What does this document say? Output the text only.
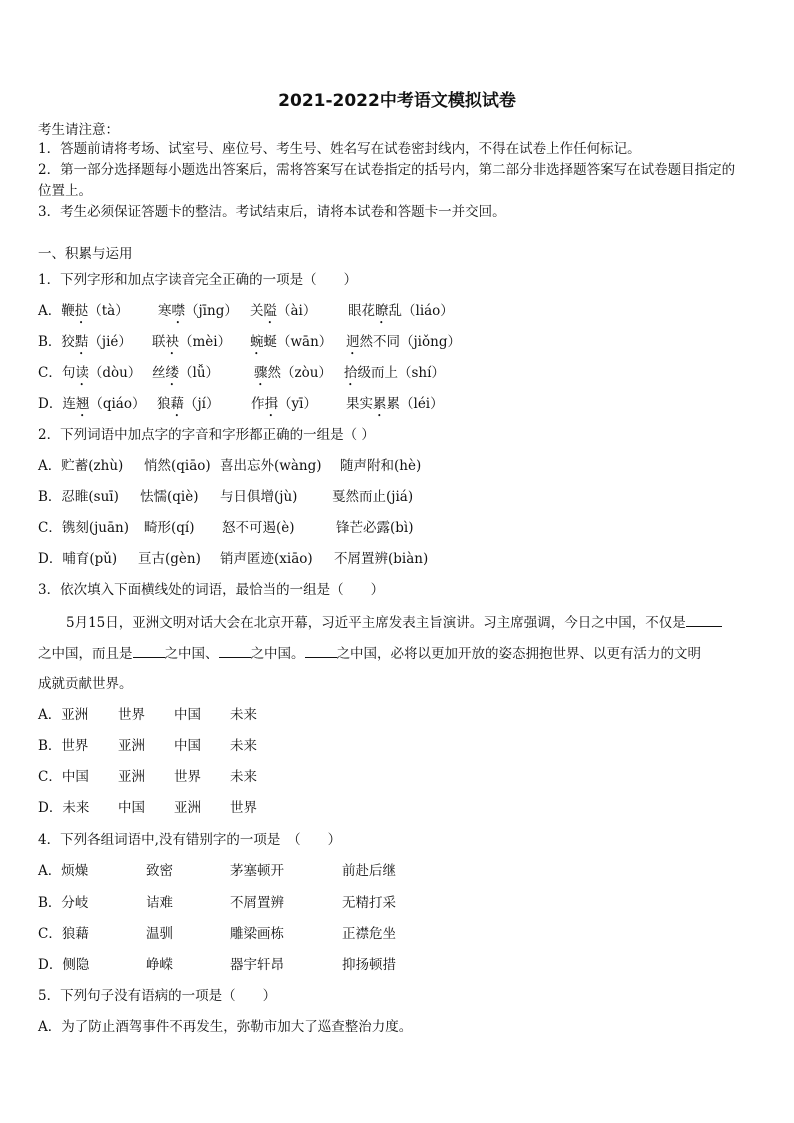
2021-2022中考语文模拟试卷
考生请注意：
1．答题前请将考场、试室号、座位号、考生号、姓名写在试卷密封线内，不得在试卷上作任何标记。
2．第一部分选择题每小题选出答案后，需将答案写在试卷指定的括号内，第二部分非选择题答案写在试卷题目指定的
位置上。
3．考生必须保证答题卡的整洁。考试结束后，请将本试卷和答题卡一并交回。
一、积累与运用
1．下列字形和加点字读音完全正确的一项是（　　）
A．鞭挞（tà） 寒噤（jīng） 关隘（ài） 眼花瞭乱（liáo）
B．狡黠（jié） 联袂（mèi） 蜿蜒（wān） 迥然不同（jiǒng）
C．句读（dòu） 丝缕（lǚ）	骤然（zòu） 拾级而上（shí）
D．连翘（qiáo） 狼藉（jí） 作揖（yī） 果实累累（léi）
2．下列词语中加点字的字音和字形都正确的一组是（ ）
A．贮蓄(zhù) 悄然(qiāo) 喜出忘外(wàng) 随声附和(hè)
B．忍睢(suī) 怯懦(qiè) 与日俱增(jù)	戛然而止(jiá)
C．镌刻(juān) 畸形(qí) 怒不可遏(è)	锋芒必露(bì)
D．哺育(pǔ) 亘古(gèn) 销声匿迹(xiāo) 不屑置辨(biàn)
3．依次填入下面横线处的词语，最恰当的一组是（　　）
5月15日，亚洲文明对话大会在北京开幕，习近平主席发表主旨演讲。习主席强调，今日之中国，不仅是
之中国，而且是 之中国、 之中国。 之中国，必将以更加开放的姿态拥抱世界、以更有活力的文明
成就贡献世界。
A．亚洲 世界 中国 未来
B．世界 亚洲 中国 未来
C．中国 亚洲 世界 未来
D．未来 中国 亚洲 世界
4．下列各组词语中,没有错别字的一项是　（　　）
A．烦燥	致密	茅塞顿开	前赴后继
B．分岐	诘难	不屑置辨	无精打采
C．狼藉	温驯	雕梁画栋	正襟危坐
D．侧隐	峥嵘	器宇轩昂	抑扬顿措
5．下列句子没有语病的一项是（　　）
A．为了防止酒驾事件不再发生，弥勒市加大了巡查整治力度。
